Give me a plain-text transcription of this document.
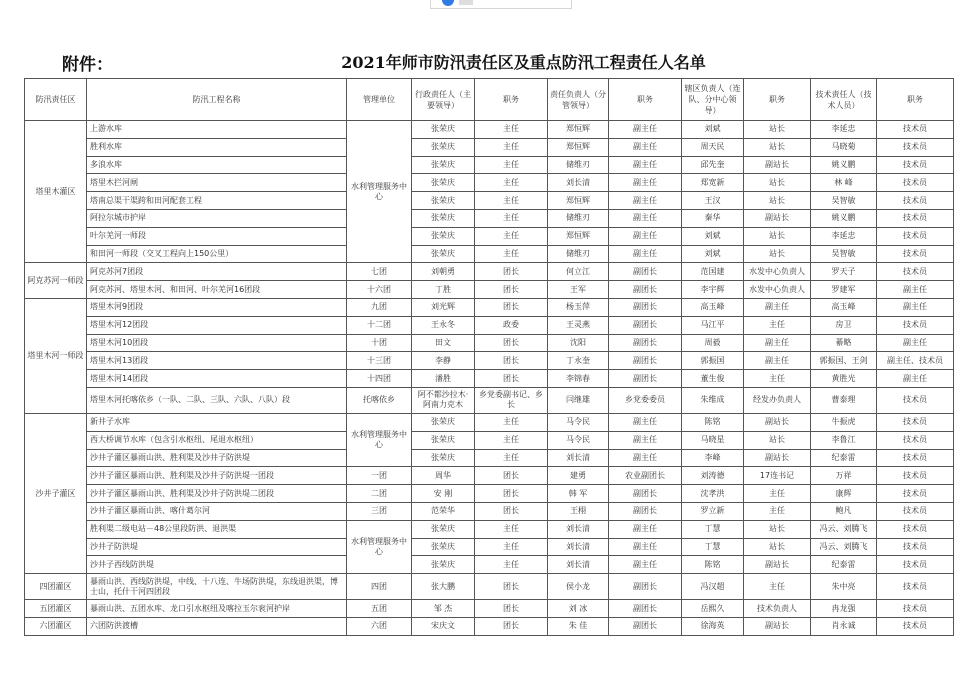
附件：	2021年师市防汛责任区及重点防汛工程责任人名单
防汛责任区	防汛工程名称	管理单位	行政责任人（主要领导）	职务	责任负责人（分管领导）	职务	辖区负责人（连队、分中心领导）	职务	技术责任人（技术人员）	职务
塔里木灌区	上游水库	水利管理服务中心	张荣庆	主任	郑恒辉	副主任	刘斌	站长	李延忠	技术员
	胜利水库		张荣庆	主任	郑恒辉	副主任	周天民	站长	马晓菊	技术员
	多浪水库		张荣庆	主任	储维刃	副主任	邱先奎	副站长	姚义鹏	技术员
	塔里木拦河闸		张荣庆	主任	刘长清	副主任	郑宽新	站长	林 峰	技术员
	塔南总渠干渠跨和田河配套工程		张荣庆	主任	郑恒辉	副主任	王汉	站长	吴智敏	技术员
	阿拉尔城市护岸		张荣庆	主任	储维刃	副主任	秦华	副站长	姚义鹏	技术员
	叶尔羌河一师段		张荣庆	主任	郑恒辉	副主任	刘斌	站长	李延忠	技术员
	和田河一师段（交叉工程向上150公里）		张荣庆	主任	储维刃	副主任	刘斌	站长	吴智敏	技术员
阿克苏河一师段	阿克苏河7团段	七团	刘朝勇	团长	何立江	副团长	范国建	水发中心负责人	罗天子	技术员
	阿克苏河、塔里木河、和田河、叶尔羌河16团段	十六团	丁胜	团长	王军	副团长	李宇辉	水发中心负责人	罗建军	副主任
塔里木河一师段	塔里木河9团段	九团	刘光辉	团长	杨玉萍	副团长	高玉峰	副主任	高玉峰	副主任
	塔里木河12团段	十二团	王永冬	政委	王灵燕	副团长	马江平	主任	房卫	技术员
	塔里木河10团段	十团	田文	团长	沈阳	副团长	周毅	副主任	綦略	副主任
	塔里木河13团段	十三团	李静	团长	丁永奎	副团长	郭振国	副主任	郭振国、王剑	副主任、技术员
	塔里木河14团段	十四团	潘胜	团长	李锦春	副团长	董生俊	主任	黄胜光	副主任
	塔里木河托喀依乡（一队、二队、三队、六队、八队）段	托喀依乡	阿不都沙拉木·阿南力克木	乡党委副书记、乡长	闫继雄	乡党委委员	朱维成	经发办负责人	曹泰理	技术员
沙井子灌区	新井子水库	水利管理服务中心	张荣庆	主任	马令民	副主任	陈铭	副站长	牛振虎	技术员
	西大桥调节水库（包含引水枢纽、尾退水枢纽）		张荣庆	主任	马令民	副主任	马晓星	站长	李鲁江	技术员
	沙井子灌区暴雨山洪、胜利渠及沙井子防洪堤		张荣庆	主任	刘长清	副主任	李峰	副站长	纪泰雷	技术员
	沙井子灌区暴雨山洪、胜利渠及沙井子防洪堤一团段	一团	周华	团长	建勇	农业副团长	刘涛德	17连书记	万祥	技术员
	沙井子灌区暴雨山洪、胜利渠及沙井子防洪堤二团段	二团	安 刚	团长	韩 军	副团长	沈孝洪	主任	康辉	技术员
	沙井子灌区暴雨山洪、喀什葛尔河	三团	范荣华	团长	王栩	副团长	罗立新	主任	鲍凡	技术员
	胜利渠二级电站－48公里段防洪、退洪渠	水利管理服务中心	张荣庆	主任	刘长清	副主任	丁慧	站长	冯云、刘腾飞	技术员
	沙井子防洪堤		张荣庆	主任	刘长清	副主任	丁慧	站长	冯云、刘腾飞	技术员
	沙井子西线防洪堤		张荣庆	主任	刘长清	副主任	陈铭	副站长	纪泰雷	技术员
四团灌区	暴雨山洪、西线防洪堤，中线、十八连、牛场防洪堤，东线退洪渠，博士山，托什干河四团段	四团	张大鹏	团长	侯小龙	副团长	冯汉超	主任	朱中亮	技术员
五团灌区	暴雨山洪、五团水库、龙口引水枢纽及喀拉玉尔衮河护岸	五团	邹 杰	团长	刘 冰	副团长	岳熙久	技术负责人	冉龙强	技术员
六团灌区	六团防洪渡槽	六团	宋庆文	团长	朱 佳	副团长	徐海英	副站长	肖永诚	技术员
